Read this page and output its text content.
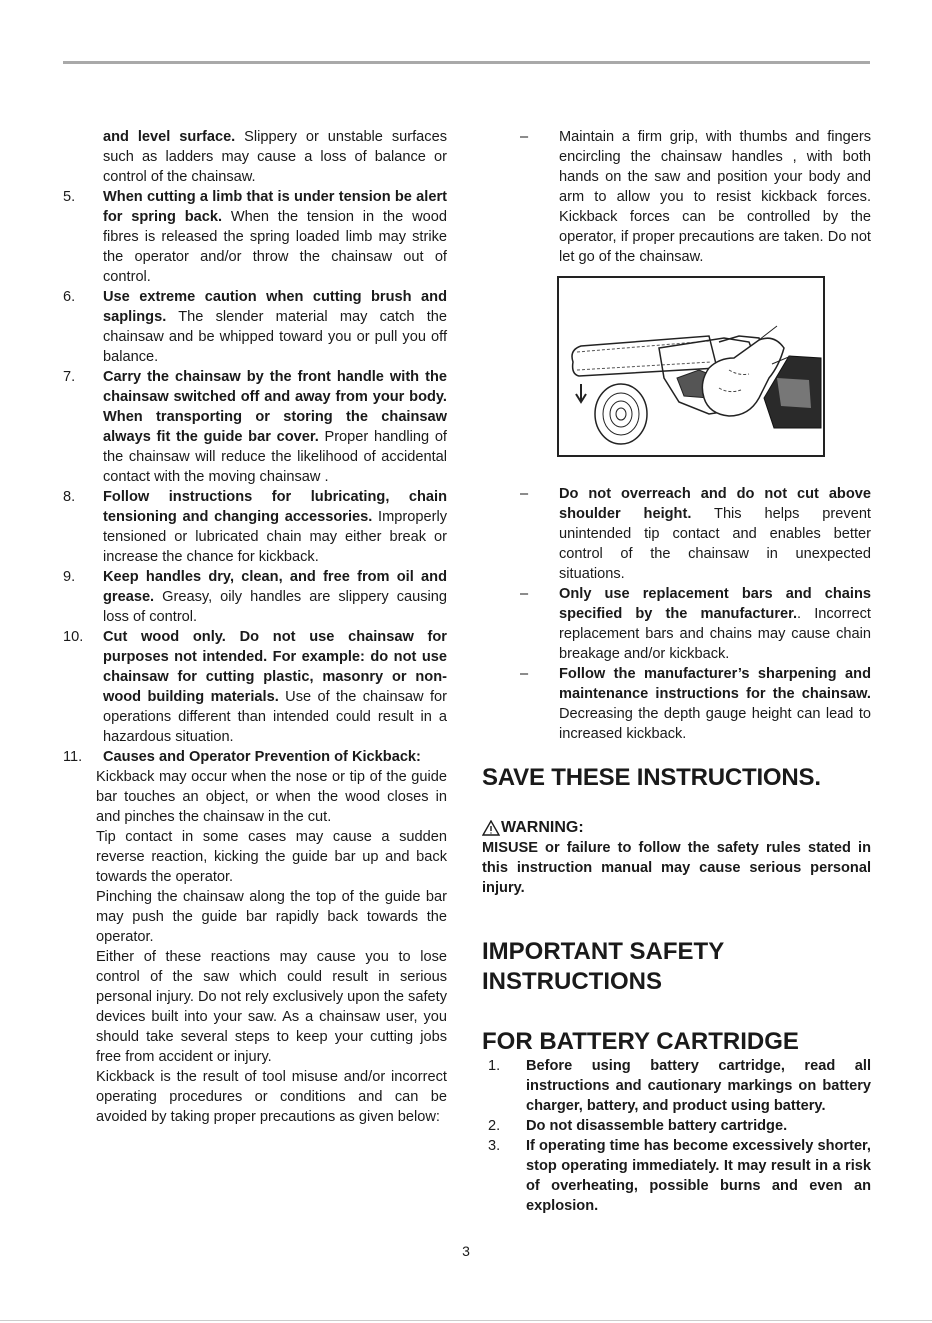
and level surface. Slippery or unstable surfaces such as ladders may cause a loss of balance or control of the chainsaw.
5.	When cutting a limb that is under tension be alert for spring back. When the tension in the wood fibres is released the spring loaded limb may strike the operator and/or throw the chainsaw out of control.
6.	Use extreme caution when cutting brush and saplings. The slender material may catch the chainsaw and be whipped toward you or pull you off balance.
7.	Carry the chainsaw by the front handle with the chainsaw switched off and away from your body. When transporting or storing the chainsaw always fit the guide bar cover. Proper handling of the chainsaw will reduce the likelihood of accidental contact with the moving chainsaw .
8.	Follow instructions for lubricating, chain tensioning and changing accessories. Improperly tensioned or lubricated chain may either break or increase the chance for kickback.
9.	Keep handles dry, clean, and free from oil and grease. Greasy, oily handles are slippery causing loss of control.
10.	Cut wood only. Do not use chainsaw for purposes not intended. For example: do not use chainsaw for cutting plastic, masonry or non-wood building materials. Use of the chainsaw for operations different than intended could result in a hazardous situation.
11.	Causes and Operator Prevention of Kickback:

Kickback may occur when the nose or tip of the guide bar touches an object, or when the wood closes in and pinches the chainsaw in the cut.

Tip contact in some cases may cause a sudden reverse reaction, kicking the guide bar up and back towards the operator.

Pinching the chainsaw along the top of the guide bar may push the guide bar rapidly back towards the operator.

Either of these reactions may cause you to lose control of the saw which could result in serious personal injury. Do not rely exclusively upon the safety devices built into your saw. As a chainsaw user, you should take several steps to keep your cutting jobs free from accident or injury.

Kickback is the result of tool misuse and/or incorrect operating procedures or conditions and can be avoided by taking proper precautions as given below:

–	Maintain a firm grip, with thumbs and fingers encircling the chainsaw handles , with both hands on the saw and position your body and arm to allow you to resist kickback forces. Kickback forces can be controlled by the operator, if proper precautions are taken. Do not let go of the chainsaw.
–	Do not overreach and do not cut above shoulder height. This helps prevent unintended tip contact and enables better control of the chainsaw in unexpected situations.
–	Only use replacement bars and chains specified by the manufacturer.. Incorrect replacement bars and chains may cause chain breakage and/or kickback.
–	Follow the manufacturer’s sharpening and maintenance instructions for the chainsaw. Decreasing the depth gauge height can lead to increased kickback.
SAVE THESE INSTRUCTIONS.
WARNING:
MISUSE or failure to follow the safety rules stated in this instruction manual may cause serious personal injury.
IMPORTANT SAFETY
INSTRUCTIONS
FOR BATTERY CARTRIDGE
1.	Before using battery cartridge, read all instructions and cautionary markings on battery charger, battery, and product using battery.
2.	Do not disassemble battery cartridge.
3.	If operating time has become excessively shorter, stop operating immediately. It may result in a risk of overheating, possible burns and even an explosion.
3
